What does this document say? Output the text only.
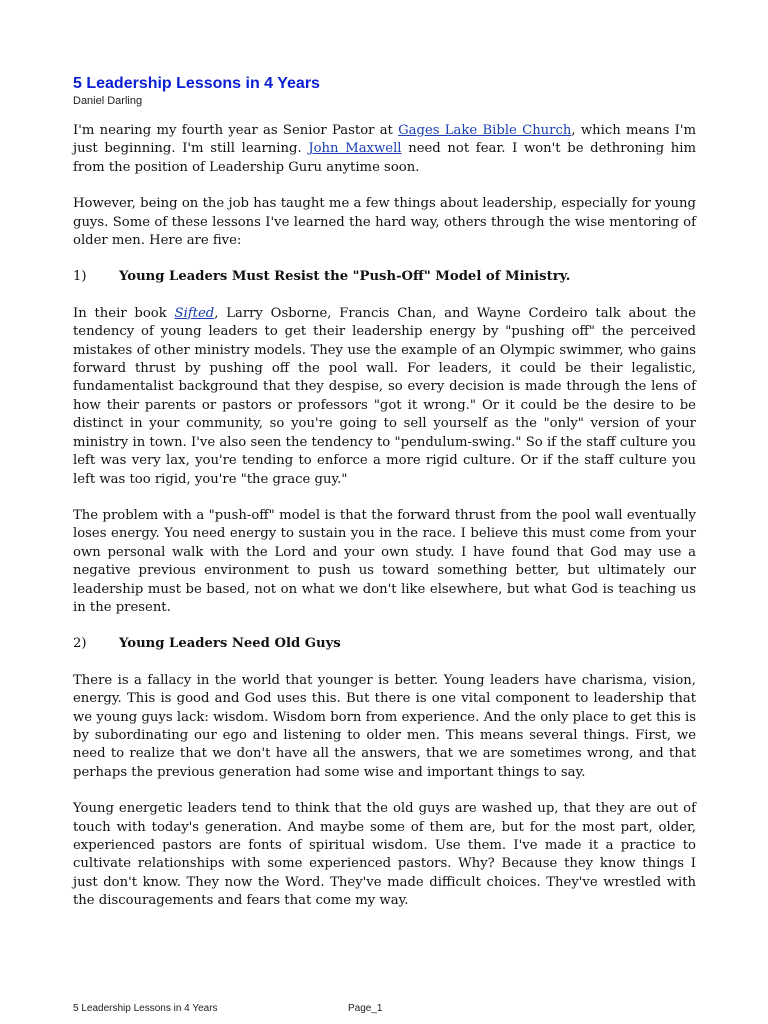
5 Leadership Lessons in 4 Years
Daniel Darling

I'm nearing my fourth year as Senior Pastor at Gages Lake Bible Church, which means I'm just beginning. I'm still learning. John Maxwell need not fear. I won't be dethroning him from the position of Leadership Guru anytime soon.

However, being on the job has taught me a few things about leadership, especially for young guys. Some of these lessons I've learned the hard way, others through the wise mentoring of older men. Here are five:

1)	Young Leaders Must Resist the "Push-Off" Model of Ministry.

In their book Sifted, Larry Osborne, Francis Chan, and Wayne Cordeiro talk about the tendency of young leaders to get their leadership energy by "pushing off" the perceived mistakes of other ministry models. They use the example of an Olympic swimmer, who gains forward thrust by pushing off the pool wall. For leaders, it could be their legalistic, fundamentalist background that they despise, so every decision is made through the lens of how their parents or pastors or professors "got it wrong." Or it could be the desire to be distinct in your community, so you're going to sell yourself as the "only" version of your ministry in town. I've also seen the tendency to "pendulum-swing." So if the staff culture you left was very lax, you're tending to enforce a more rigid culture. Or if the staff culture you left was too rigid, you're "the grace guy."

The problem with a "push-off" model is that the forward thrust from the pool wall eventually loses energy. You need energy to sustain you in the race. I believe this must come from your own personal walk with the Lord and your own study. I have found that God may use a negative previous environment to push us toward something better, but ultimately our leadership must be based, not on what we don't like elsewhere, but what God is teaching us in the present.

2)	Young Leaders Need Old Guys

There is a fallacy in the world that younger is better. Young leaders have charisma, vision, energy. This is good and God uses this. But there is one vital component to leadership that we young guys lack: wisdom. Wisdom born from experience. And the only place to get this is by subordinating our ego and listening to older men. This means several things. First, we need to realize that we don't have all the answers, that we are sometimes wrong, and that perhaps the previous generation had some wise and important things to say.

Young energetic leaders tend to think that the old guys are washed up, that they are out of touch with today's generation. And maybe some of them are, but for the most part, older, experienced pastors are fonts of spiritual wisdom. Use them. I've made it a practice to cultivate relationships with some experienced pastors. Why? Because they know things I just don't know. They now the Word. They've made difficult choices. They've wrestled with the discouragements and fears that come my way.

5 Leadership Lessons in 4 Years	Page_1
